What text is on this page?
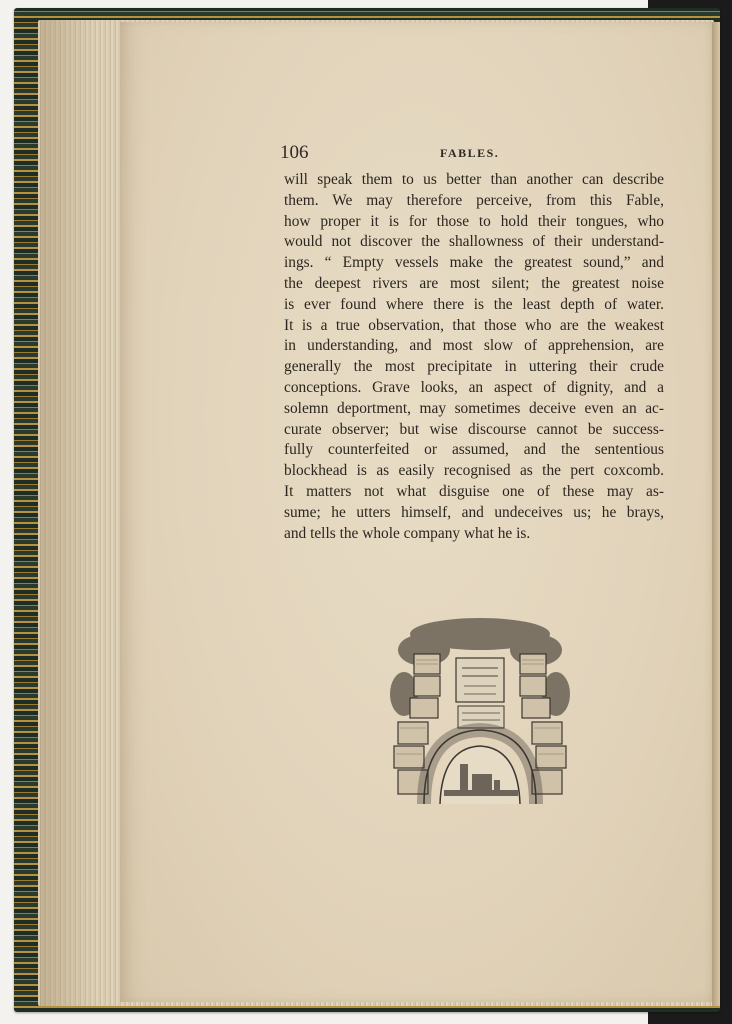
106	FABLES.
will speak them to us better than another can describe
them. We may therefore perceive, from this Fable,
how proper it is for those to hold their tongues, who
would not discover the shallowness of their understand-
ings. “ Empty vessels make the greatest sound,” and
the deepest rivers are most silent; the greatest noise
is ever found where there is the least depth of water.
It is a true observation, that those who are the weakest
in understanding, and most slow of apprehension, are
generally the most precipitate in uttering their crude
conceptions. Grave looks, an aspect of dignity, and a
solemn deportment, may sometimes deceive even an ac-
curate observer; but wise discourse cannot be success-
fully counterfeited or assumed, and the sententious
blockhead is as easily recognised as the pert coxcomb.
It matters not what disguise one of these may as-
sume; he utters himself, and undeceives us; he brays,
and tells the whole company what he is.
